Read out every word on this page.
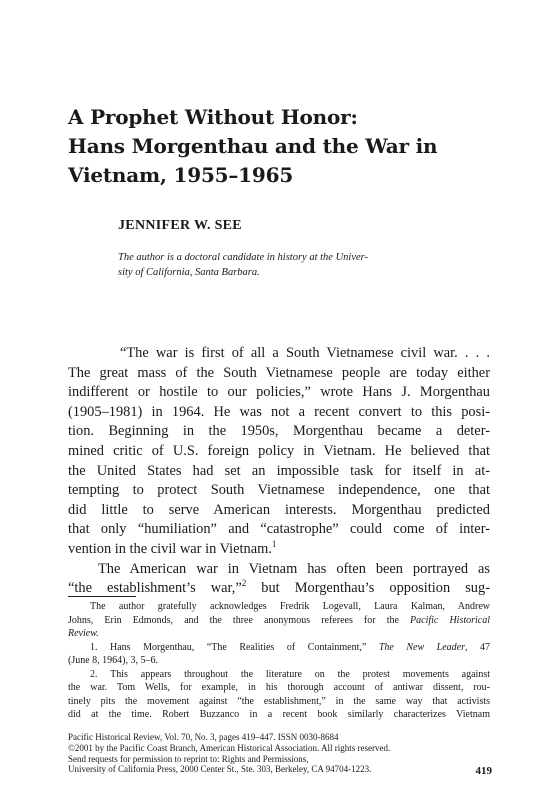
A Prophet Without Honor:
Hans Morgenthau and the War in
Vietnam, 1955–1965
JENNIFER W. SEE
The author is a doctoral candidate in history at the Univer-
sity of California, Santa Barbara.
“The war is first of all a South Vietnamese civil war. . . .
The great mass of the South Vietnamese people are today either
indifferent or hostile to our policies,” wrote Hans J. Morgenthau
(1905–1981) in 1964. He was not a recent convert to this posi-
tion. Beginning in the 1950s, Morgenthau became a deter-
mined critic of U.S. foreign policy in Vietnam. He believed that
the United States had set an impossible task for itself in at-
tempting to protect South Vietnamese independence, one that
did little to serve American interests. Morgenthau predicted
that only “humiliation” and “catastrophe” could come of inter-
vention in the civil war in Vietnam.$^1$
The American war in Vietnam has often been portrayed as
“the establishment’s war,”$^2$ but Morgenthau’s opposition sug-
The author gratefully acknowledges Fredrik Logevall, Laura Kalman, Andrew
Johns, Erin Edmonds, and the three anonymous referees for the Pacific Historical
Review.
1. Hans Morgenthau, “The Realities of Containment,” The New Leader, 47
(June 8, 1964), 3, 5–6.
2. This appears throughout the literature on the protest movements against
the war. Tom Wells, for example, in his thorough account of antiwar dissent, rou-
tinely pits the movement against “the establishment,” in the same way that activists
did at the time. Robert Buzzanco in a recent book similarly characterizes Vietnam
Pacific Historical Review, Vol. 70, No. 3, pages 419–447. ISSN 0030-8684
©2001 by the Pacific Coast Branch, American Historical Association. All rights reserved.
Send requests for permission to reprint to: Rights and Permissions,
University of California Press, 2000 Center St., Ste. 303, Berkeley, CA 94704-1223.	419
